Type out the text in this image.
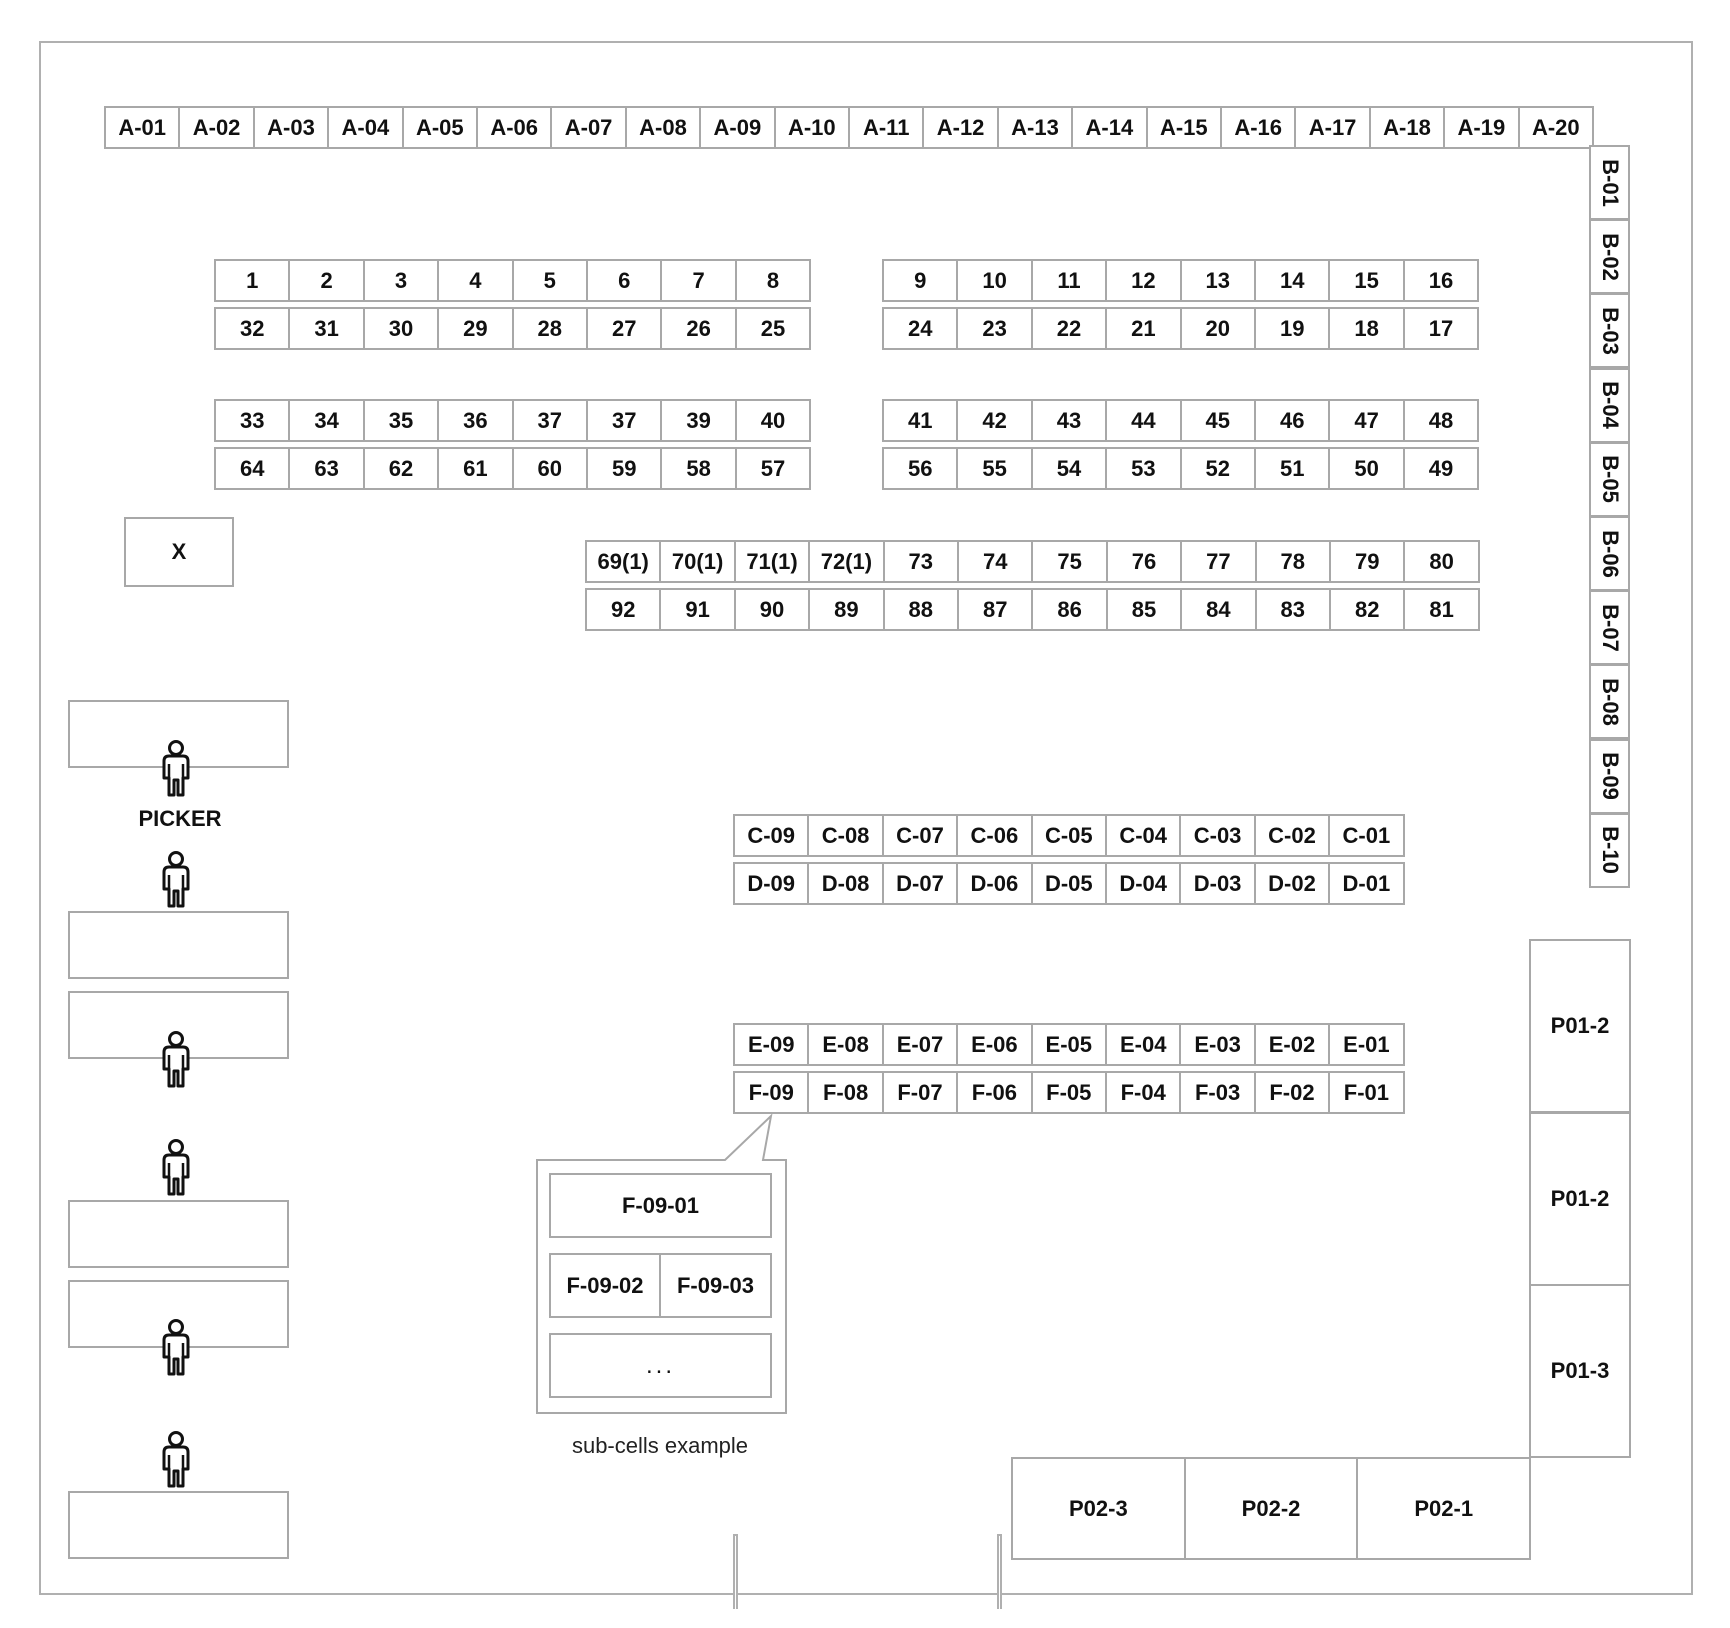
X
PICKER
sub-cells example
F-09-01
F-09-02	F-09-03
...
A-01	A-02	A-03	A-04	A-05	A-06	A-07	A-08	A-09	A-10	A-11	A-12	A-13	A-14	A-15	A-16	A-17	A-18	A-19	A-20
B-01
B-02
B-03
B-04
B-05
B-06
B-07
B-08
B-09
B-10
1	2	3	4	5	6	7	8
32	31	30	29	28	27	26	25
9	10	11	12	13	14	15	16
24	23	22	21	20	19	18	17
33	34	35	36	37	37	39	40
64	63	62	61	60	59	58	57
41	42	43	44	45	46	47	48
56	55	54	53	52	51	50	49
69(1)	70(1)	71(1)	72(1)	73	74	75	76	77	78	79	80
92	91	90	89	88	87	86	85	84	83	82	81
C-09	C-08	C-07	C-06	C-05	C-04	C-03	C-02	C-01
D-09	D-08	D-07	D-06	D-05	D-04	D-03	D-02	D-01
E-09	E-08	E-07	E-06	E-05	E-04	E-03	E-02	E-01
F-09	F-08	F-07	F-06	F-05	F-04	F-03	F-02	F-01
P01-2
P01-2
P01-3
P02-3	P02-2	P02-1
